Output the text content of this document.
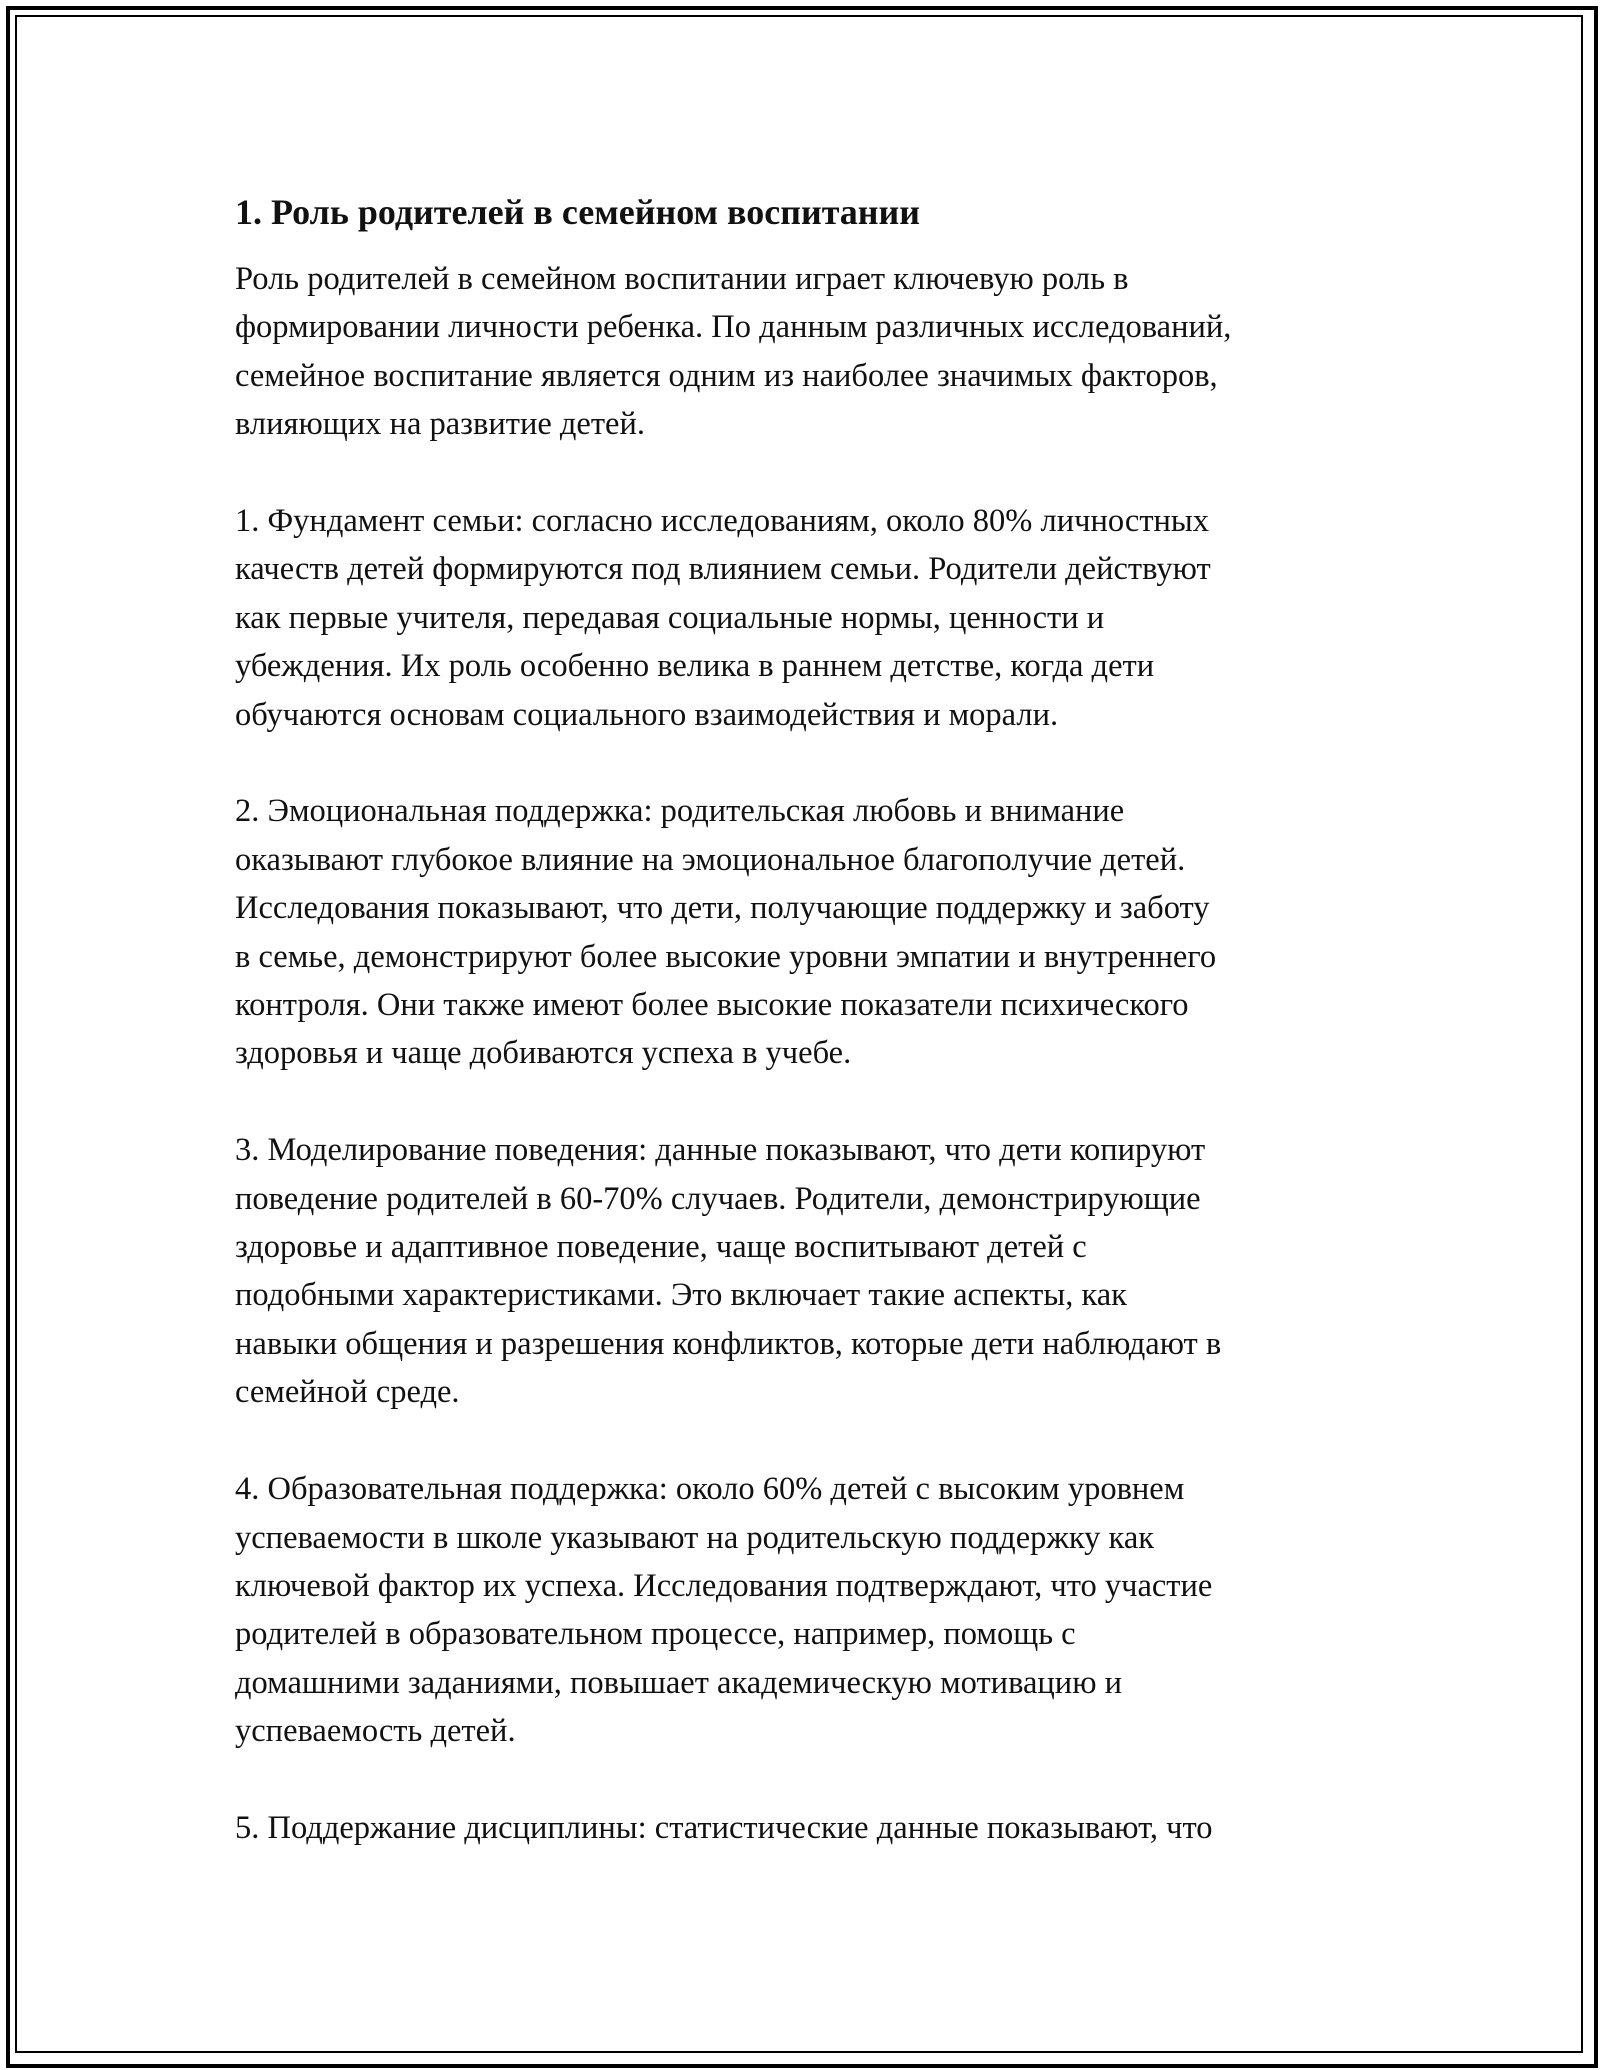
1. Роль родителей в семейном воспитании

Роль родителей в семейном воспитании играет ключевую роль в
формировании личности ребенка. По данным различных исследований,
семейное воспитание является одним из наиболее значимых факторов,
влияющих на развитие детей.

1. Фундамент семьи: согласно исследованиям, около 80% личностных
качеств детей формируются под влиянием семьи. Родители действуют
как первые учителя, передавая социальные нормы, ценности и
убеждения. Их роль особенно велика в раннем детстве, когда дети
обучаются основам социального взаимодействия и морали.

2. Эмоциональная поддержка: родительская любовь и внимание
оказывают глубокое влияние на эмоциональное благополучие детей.
Исследования показывают, что дети, получающие поддержку и заботу
в семье, демонстрируют более высокие уровни эмпатии и внутреннего
контроля. Они также имеют более высокие показатели психического
здоровья и чаще добиваются успеха в учебе.

3. Моделирование поведения: данные показывают, что дети копируют
поведение родителей в 60-70% случаев. Родители, демонстрирующие
здоровье и адаптивное поведение, чаще воспитывают детей с
подобными характеристиками. Это включает такие аспекты, как
навыки общения и разрешения конфликтов, которые дети наблюдают в
семейной среде.

4. Образовательная поддержка: около 60% детей с высоким уровнем
успеваемости в школе указывают на родительскую поддержку как
ключевой фактор их успеха. Исследования подтверждают, что участие
родителей в образовательном процессе, например, помощь с
домашними заданиями, повышает академическую мотивацию и
успеваемость детей.

5. Поддержание дисциплины: статистические данные показывают, что
